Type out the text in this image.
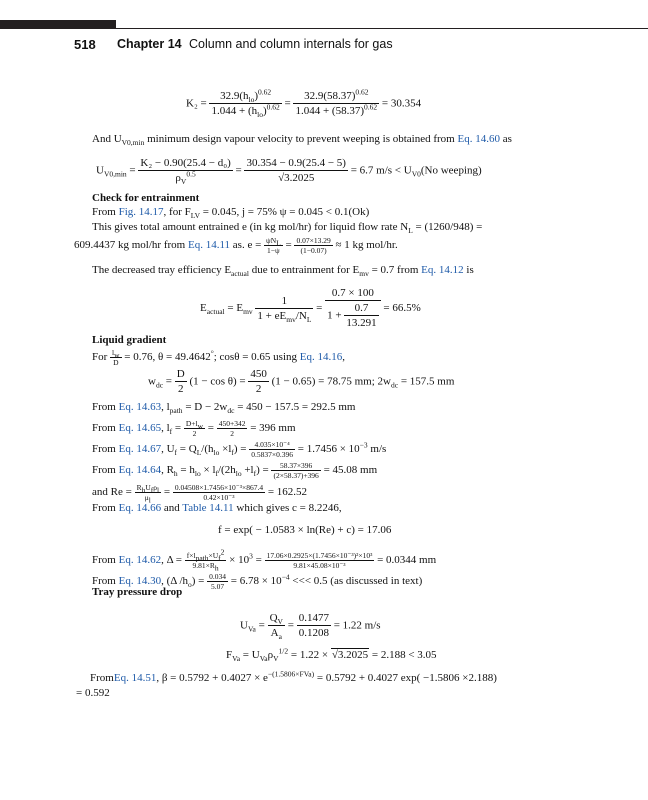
518 Chapter 14 Column and column internals for gas
$K_2 = \frac{32.9(h_{lo})^{0.62}}{1.044 + (h_{lo})^{0.62}} = \frac{32.9(58.37)^{0.62}}{1.044 + (58.37)^{0.62}} = 30.354$
And $U_{V0,min}$ minimum design vapour velocity to prevent weeping is obtained from Eq. 14.60 as
$U_{V0,min} = \frac{\text{K₂ − 0.90(25.4 − d₀)}}{\rho_V^{0.5}} = \frac{30.354 - 0.9(25.4 - 5)}{√3.2025} = 6.7$ $m/s < U_{V0}(No$ weeping)
Check for entrainment
From Fig. 14.17, for $F_{LV} = 0.045$, j = 75% ψ = 0.045 < 0.1(Ok)
This gives total amount entrained e (in kg mol/hr) for liquid flow rate $N_L = (1260/948)$ =
609.4437 kg mol/hr from Eq. 14.11 as. $e = \frac{\psi N_L}{1-\psi} = \frac{0.07\times 13.29}{(1-0.07)} \approx 1$ kg mol/hr.
The decreased tray efficiency $E_{actual}$ due to entrainment for $E_{mv} = 0.7$ from Eq. 14.12 is
$E_{actual} = E_{mv} \frac{1}{1 + eE_{mv}/N_L} = \frac{0.7 \times 100}{1 + \frac{0.7}{13.291}} = 66.5\%$
Liquid gradient
For $\frac{l_w}{D} = 0.76$, θ = 49.4642°; cosθ = 0.65 using Eq. 14.16,
$w_{dc} = \frac{D}{2} (1 - \cos \theta) = \frac{450}{2} (1 - 0.65) = 78.75$ mm; $2w_{dc} = 157.5$ mm
From Eq. 14.63, $l_{path} = D - 2w_{dc} = 450 - 157.5 = 292.5$ mm
From Eq. 14.65, $l_f = \frac{D+l_w}{2} = \frac{450+342}{2} = 396$ mm
From Eq. 14.67, $U_f = Q_L/(h_{lo} \times l_f) = \frac{\text{4.035×10⁻⁴}}{0.5837\times 0.396} = 1.7456 \times 10^{-3}$ m/s
From Eq. 14.64, $R_h = h_{lo} \times l_f/(2h_{lo} +l_f) = \frac{58.37\times 396}{(2\times 58.37)+396} = 45.08$ mm
and $Re = \frac{R_hU_f\rho_l}{\mu_l} = \frac{\text{0.04508×1.7456×10⁻³×867.4}}{\text{0.42×10⁻³}} = 162.52$
From Eq. 14.66 and Table 14.11 which gives c = 8.2246,
f = exp( − 1.0583 × ln(Re) + c) = 17.06
From Eq. 14.62, $\Delta = \frac{f\times l_{path}\times U_f^2}{9.81\times R_h} \times 10^3 = \frac{\text{17.06×0.2925×(1.7456×10⁻³)²×10³}}{\text{9.81×45.08×10⁻³}} = 0.0344$ mm
From Eq. 14.30, (Δ $/h_o) = \frac{0.034}{5.07} = 6.78 \times 10^{-4}$ <<< 0.5 (as discussed in text)
Tray pressure drop
$U_{Va} = \frac{Q_V}{A_a} = \frac{0.1477}{0.1208} = 1.22$ m/s
$F_{Va} = U_{Va}\rho_V^{1/2} = 1.22 \times √3.2025 = 2.188 < 3.05$
FromEq. 14.51, $\beta = 0.5792 + 0.4027 \times e^{-(1.5806\times FVa)} = 0.5792 + 0.4027$ exp( −1.5806 ×2.188)
= 0.592
